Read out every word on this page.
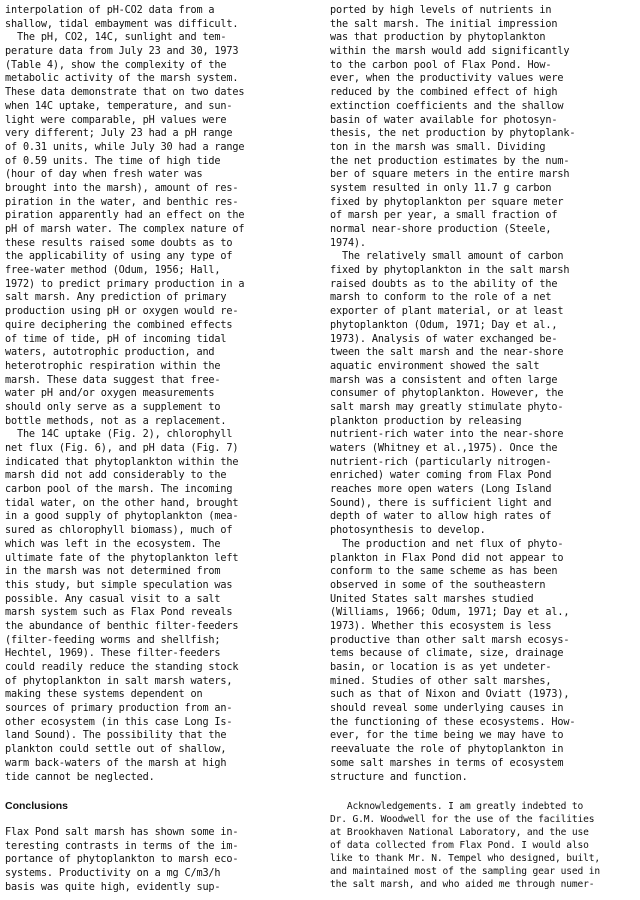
interpolation of pH-CO2 data from a
shallow, tidal embayment was difficult.
The pH, CO2, 14C, sunlight and tem-
perature data from July 23 and 30, 1973
(Table 4), show the complexity of the
metabolic activity of the marsh system.
These data demonstrate that on two dates
when 14C uptake, temperature, and sun-
light were comparable, pH values were
very different; July 23 had a pH range
of 0.31 units, while July 30 had a range
of 0.59 units. The time of high tide
(hour of day when fresh water was
brought into the marsh), amount of res-
piration in the water, and benthic res-
piration apparently had an effect on the
pH of marsh water. The complex nature of
these results raised some doubts as to
the applicability of using any type of
free-water method (Odum, 1956; Hall,
1972) to predict primary production in a
salt marsh. Any prediction of primary
production using pH or oxygen would re-
quire deciphering the combined effects
of time of tide, pH of incoming tidal
waters, autotrophic production, and
heterotrophic respiration within the
marsh. These data suggest that free-
water pH and/or oxygen measurements
should only serve as a supplement to
bottle methods, not as a replacement.
The 14C uptake (Fig. 2), chlorophyll
net flux (Fig. 6), and pH data (Fig. 7)
indicated that phytoplankton within the
marsh did not add considerably to the
carbon pool of the marsh. The incoming
tidal water, on the other hand, brought
in a good supply of phytoplankton (mea-
sured as chlorophyll biomass), much of
which was left in the ecosystem. The
ultimate fate of the phytoplankton left
in the marsh was not determined from
this study, but simple speculation was
possible. Any casual visit to a salt
marsh system such as Flax Pond reveals
the abundance of benthic filter-feeders
(filter-feeding worms and shellfish;
Hechtel, 1969). These filter-feeders
could readily reduce the standing stock
of phytoplankton in salt marsh waters,
making these systems dependent on
sources of primary production from an-
other ecosystem (in this case Long Is-
land Sound). The possibility that the
plankton could settle out of shallow,
warm back-waters of the marsh at high
tide cannot be neglected.
ported by high levels of nutrients in
the salt marsh. The initial impression
was that production by phytoplankton
within the marsh would add significantly
to the carbon pool of Flax Pond. How-
ever, when the productivity values were
reduced by the combined effect of high
extinction coefficients and the shallow
basin of water available for photosyn-
thesis, the net production by phytoplank-
ton in the marsh was small. Dividing
the net production estimates by the num-
ber of square meters in the entire marsh
system resulted in only 11.7 g carbon
fixed by phytoplankton per square meter
of marsh per year, a small fraction of
normal near-shore production (Steele,
1974).
The relatively small amount of carbon
fixed by phytoplankton in the salt marsh
raised doubts as to the ability of the
marsh to conform to the role of a net
exporter of plant material, or at least
phytoplankton (Odum, 1971; Day et al.,
1973). Analysis of water exchanged be-
tween the salt marsh and the near-shore
aquatic environment showed the salt
marsh was a consistent and often large
consumer of phytoplankton. However, the
salt marsh may greatly stimulate phyto-
plankton production by releasing
nutrient-rich water into the near-shore
waters (Whitney et al.,1975). Once the
nutrient-rich (particularly nitrogen-
enriched) water coming from Flax Pond
reaches more open waters (Long Island
Sound), there is sufficient light and
depth of water to allow high rates of
photosynthesis to develop.
The production and net flux of phyto-
plankton in Flax Pond did not appear to
conform to the same scheme as has been
observed in some of the southeastern
United States salt marshes studied
(Williams, 1966; Odum, 1971; Day et al.,
1973). Whether this ecosystem is less
productive than other salt marsh ecosys-
tems because of climate, size, drainage
basin, or location is as yet undeter-
mined. Studies of other salt marshes,
such as that of Nixon and Oviatt (1973),
should reveal some underlying causes in
the functioning of these ecosystems. How-
ever, for the time being we may have to
reevaluate the role of phytoplankton in
some salt marshes in terms of ecosystem
structure and function.
Conclusions
Flax Pond salt marsh has shown some in-
teresting contrasts in terms of the im-
portance of phytoplankton to marsh eco-
systems. Productivity on a mg C/m3/h
basis was quite high, evidently sup-
Acknowledgements. I am greatly indebted to
Dr. G.M. Woodwell for the use of the facilities
at Brookhaven National Laboratory, and the use
of data collected from Flax Pond. I would also
like to thank Mr. N. Tempel who designed, built,
and maintained most of the sampling gear used in
the salt marsh, and who aided me through numer-
